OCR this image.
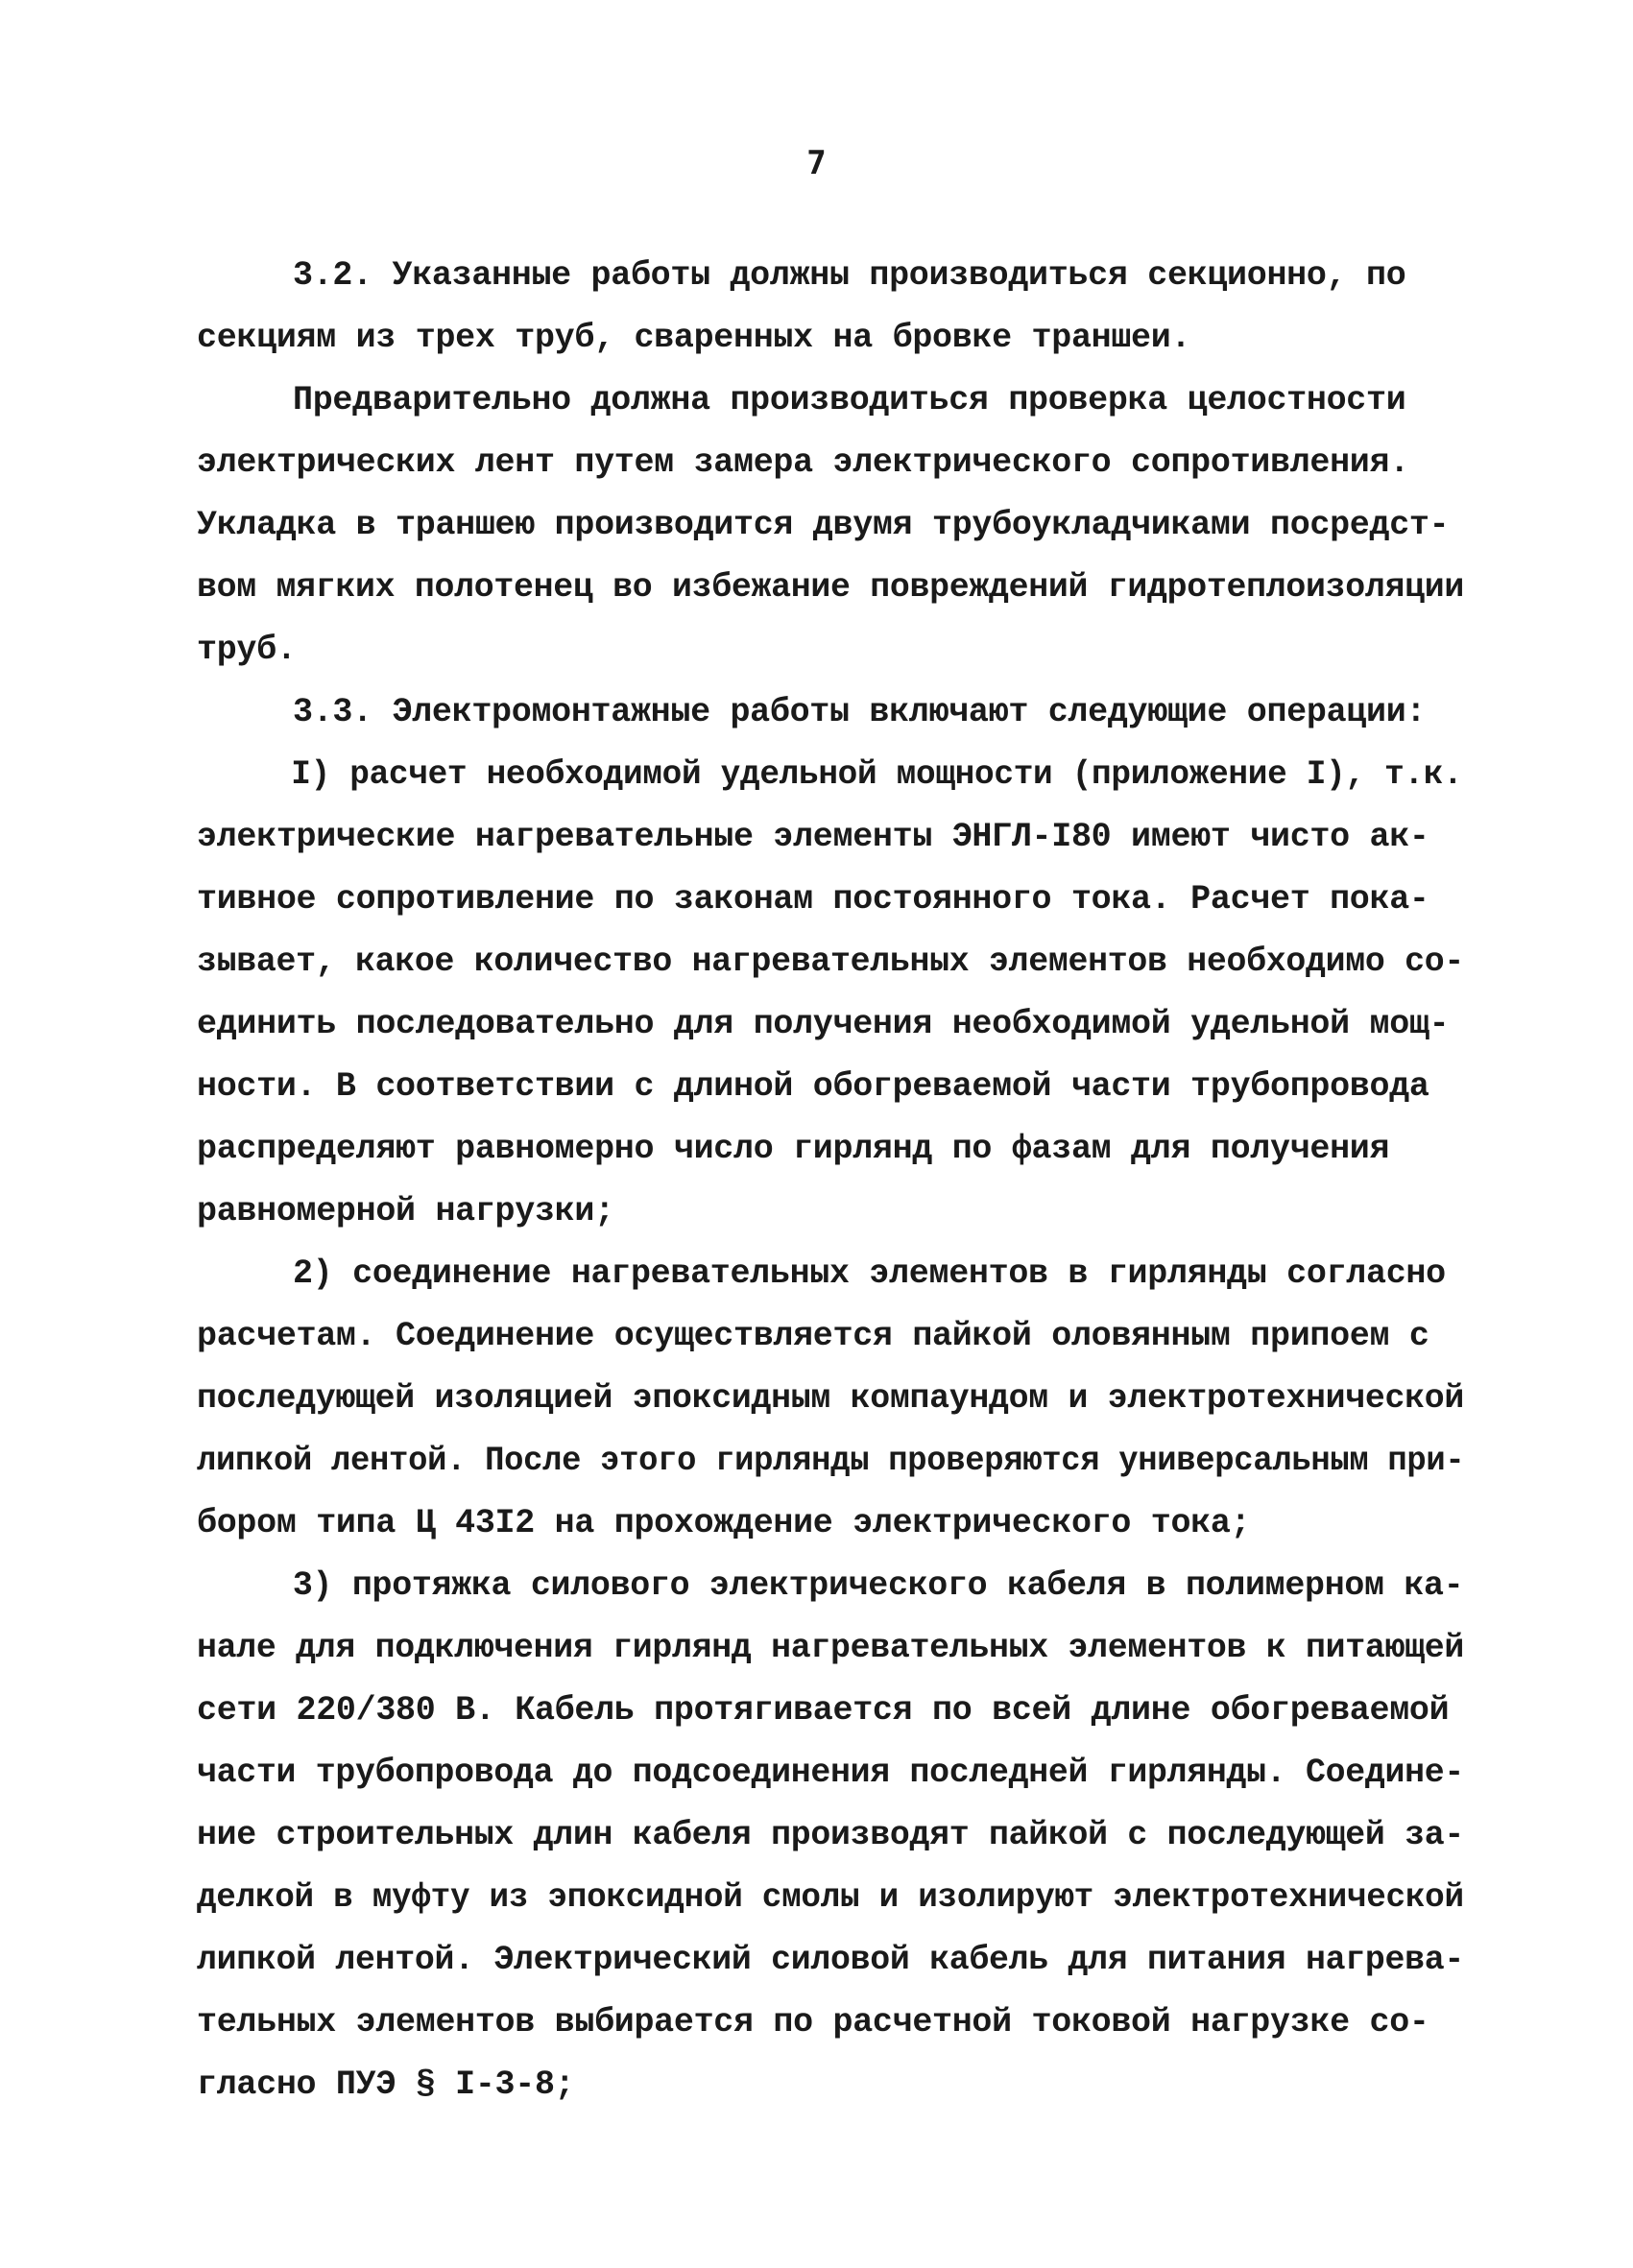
7
3.2. Указанные работы должны производиться секционно, по
секциям из трех труб, сваренных на бровке траншеи.
Предварительно должна производиться проверка целостности
электрических лент путем замера электрического сопротивления.
Укладка в траншею производится двумя трубоукладчиками посредст-
вом мягких полотенец во избежание повреждений гидротеплоизоляции
труб.
3.3. Электромонтажные работы включают следующие операции:
I) расчет необходимой удельной мощности (приложение I), т.к.
электрические нагревательные элементы ЭНГЛ-I80 имеют чисто ак-
тивное сопротивление по законам постоянного тока. Расчет пока-
зывает, какое количество нагревательных элементов необходимо со-
единить последовательно для получения необходимой удельной мощ-
ности. В соответствии с длиной обогреваемой части трубопровода
распределяют равномерно число гирлянд по фазам для получения
равномерной нагрузки;
2) соединение нагревательных элементов в гирлянды согласно
расчетам. Соединение осуществляется пайкой оловянным припоем с
последующей изоляцией эпоксидным компаундом и электротехнической
липкой лентой. После этого гирлянды проверяются универсальным при-
бором типа Ц 43I2 на прохождение электрического тока;
3) протяжка силового электрического кабеля в полимерном ка-
нале для подключения гирлянд нагревательных элементов к питающей
сети 220/380 В. Кабель протягивается по всей длине обогреваемой
части трубопровода до подсоединения последней гирлянды. Соедине-
ние строительных длин кабеля производят пайкой с последующей за-
делкой в муфту из эпоксидной смолы и изолируют электротехнической
липкой лентой. Электрический силовой кабель для питания нагрева-
тельных элементов выбирается по расчетной токовой нагрузке со-
гласно ПУЭ § I-3-8;
